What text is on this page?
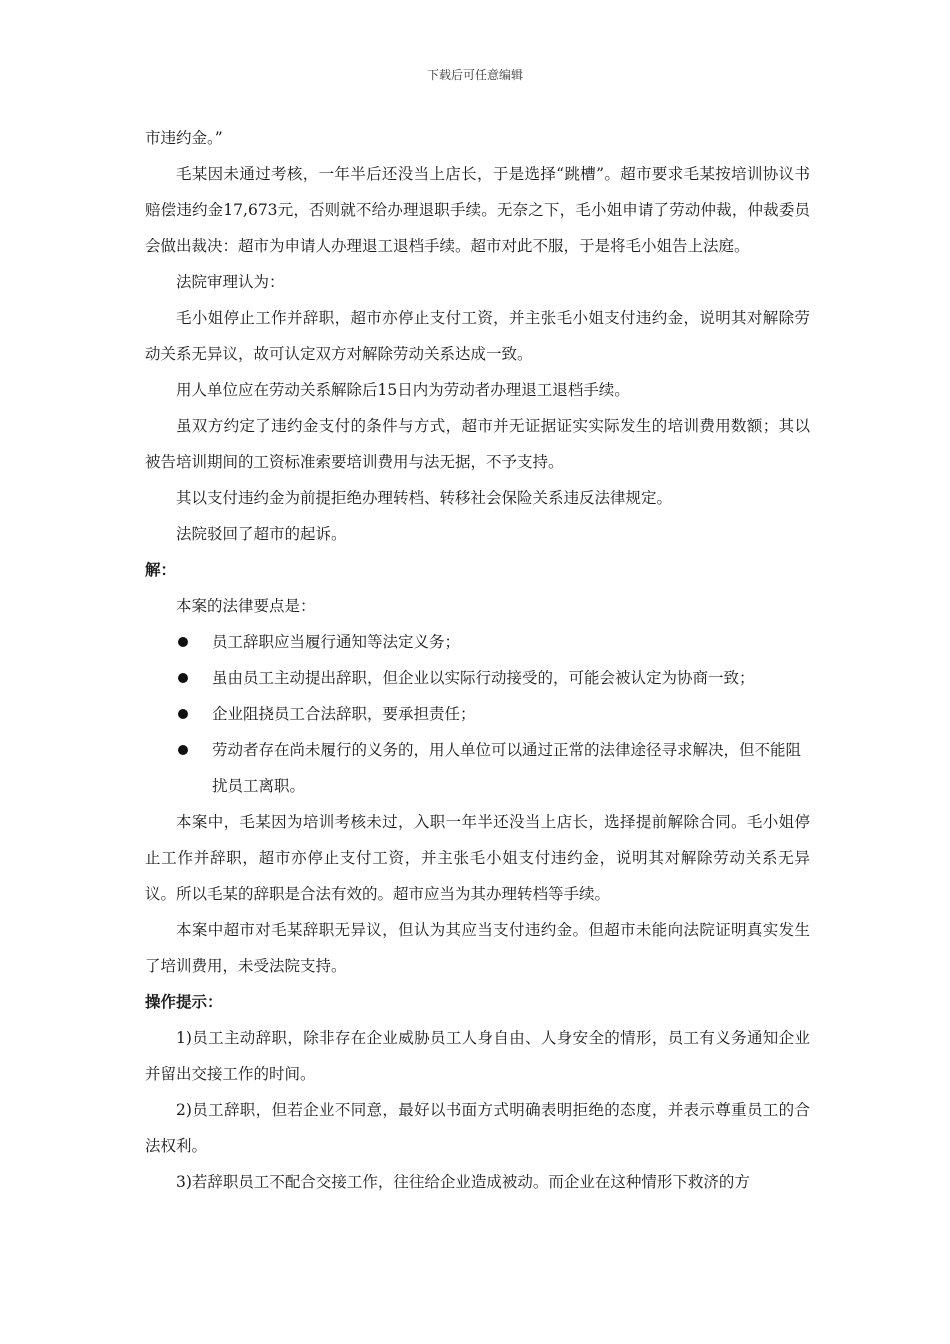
下载后可任意编辑

市违约金。”

毛某因未通过考核，一年半后还没当上店长，于是选择“跳槽”。超市要求毛某按培训协议书赔偿违约金17,673元，否则就不给办理退职手续。无奈之下，毛小姐申请了劳动仲裁，仲裁委员会做出裁决：超市为申请人办理退工退档手续。超市对此不服，于是将毛小姐告上法庭。

法院审理认为：

毛小姐停止工作并辞职，超市亦停止支付工资，并主张毛小姐支付违约金，说明其对解除劳动关系无异议，故可认定双方对解除劳动关系达成一致。

用人单位应在劳动关系解除后15日内为劳动者办理退工退档手续。

虽双方约定了违约金支付的条件与方式，超市并无证据证实实际发生的培训费用数额；其以被告培训期间的工资标准索要培训费用与法无据，不予支持。

其以支付违约金为前提拒绝办理转档、转移社会保险关系违反法律规定。

法院驳回了超市的起诉。

解：

本案的法律要点是：

员工辞职应当履行通知等法定义务；
虽由员工主动提出辞职，但企业以实际行动接受的，可能会被认定为协商一致；
企业阻挠员工合法辞职，要承担责任；
劳动者存在尚未履行的义务的，用人单位可以通过正常的法律途径寻求解决，但不能阻扰员工离职。

本案中，毛某因为培训考核未过，入职一年半还没当上店长，选择提前解除合同。毛小姐停止工作并辞职，超市亦停止支付工资，并主张毛小姐支付违约金，说明其对解除劳动关系无异议。所以毛某的辞职是合法有效的。超市应当为其办理转档等手续。

本案中超市对毛某辞职无异议，但认为其应当支付违约金。但超市未能向法院证明真实发生了培训费用，未受法院支持。

操作提示：

1)员工主动辞职，除非存在企业威胁员工人身自由、人身安全的情形，员工有义务通知企业并留出交接工作的时间。

2)员工辞职，但若企业不同意，最好以书面方式明确表明拒绝的态度，并表示尊重员工的合法权利。

3)若辞职员工不配合交接工作，往往给企业造成被动。而企业在这种情形下救济的方
